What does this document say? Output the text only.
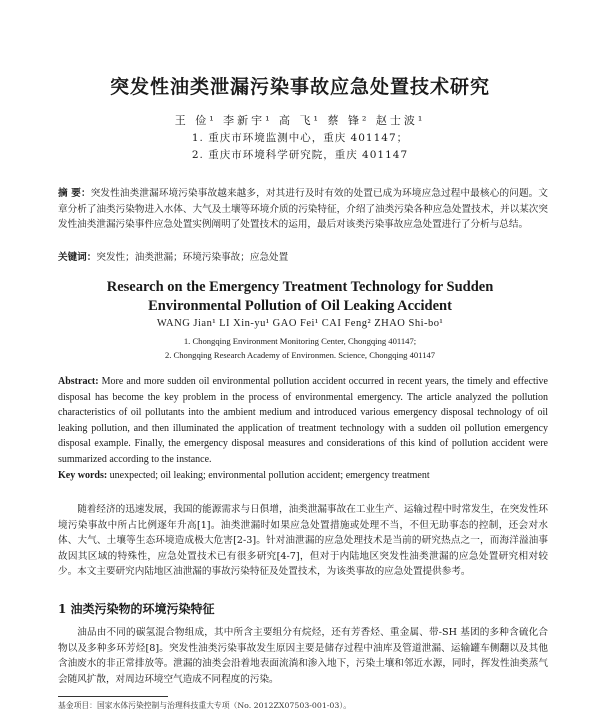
突发性油类泄漏污染事故应急处置技术研究
王 俭¹ 李新宇¹ 高 飞¹ 蔡 锋² 赵士波¹
1. 重庆市环境监测中心，重庆 401147；
2. 重庆市环境科学研究院，重庆 401147
摘 要：突发性油类泄漏环境污染事故越来越多，对其进行及时有效的处置已成为环境应急过程中最核心的问题。文章分析了油类污染物进入水体、大气及土壤等环境介质的污染特征，介绍了油类污染各种应急处置技术，并以某次突发性油类泄漏污染事件应急处置实例阐明了处置技术的运用，最后对该类污染事故应急处置进行了分析与总结。
关键词：突发性；油类泄漏；环境污染事故；应急处置
Research on the Emergency Treatment Technology for Sudden
Environmental Pollution of Oil Leaking Accident
WANG Jian¹ LI Xin-yu¹ GAO Fei¹ CAI Feng² ZHAO Shi-bo¹
1. Chongqing Environment Monitoring Center, Chongqing 401147;
2. Chongqing Research Academy of Environmen. Science, Chongqing 401147
Abstract: More and more sudden oil environmental pollution accident occurred in recent years, the timely and effective disposal has become the key problem in the process of environmental emergency. The article analyzed the pollution characteristics of oil pollutants into the ambient medium and introduced various emergency disposal technology of oil leaking pollution, and then illuminated the application of treatment technology with a sudden oil pollution emergency disposal example. Finally, the emergency disposal measures and considerations of this kind of pollution accident were summarized according to the instance.
Key words: unexpected; oil leaking; environmental pollution accident; emergency treatment
随着经济的迅速发展，我国的能源需求与日俱增，油类泄漏事故在工业生产、运输过程中时常发生，在突发性环境污染事故中所占比例逐年升高[1]。油类泄漏时如果应急处置措施或处理不当，不但无助事态的控制，还会对水体、大气、土壤等生态环境造成极大危害[2-3]。针对油泄漏的应急处理技术是当前的研究热点之一，而海洋溢油事故因其区域的特殊性，应急处置技术已有很多研究[4-7]，但对于内陆地区突发性油类泄漏的应急处置研究相对较少。本文主要研究内陆地区油泄漏的事故污染特征及处置技术，为该类事故的应急处置提供参考。
1 油类污染物的环境污染特征
油品由不同的碳氢混合物组成，其中所含主要组分有烷烃，还有芳香烃、重金属、带-SH 基团的多种含硫化合物以及多种多环芳烃[8]。突发性油类污染事故发生原因主要是储存过程中油库及管道泄漏、运输罐车侧翻以及其他含油废水的非正常排放等。泄漏的油类会沿着地表面流淌和渗入地下，污染土壤和邻近水源，同时，挥发性油类蒸气会随风扩散，对周边环境空气造成不同程度的污染。
基金项目：国家水体污染控制与治理科技重大专项（No. 2012ZX07503-001-03）。
